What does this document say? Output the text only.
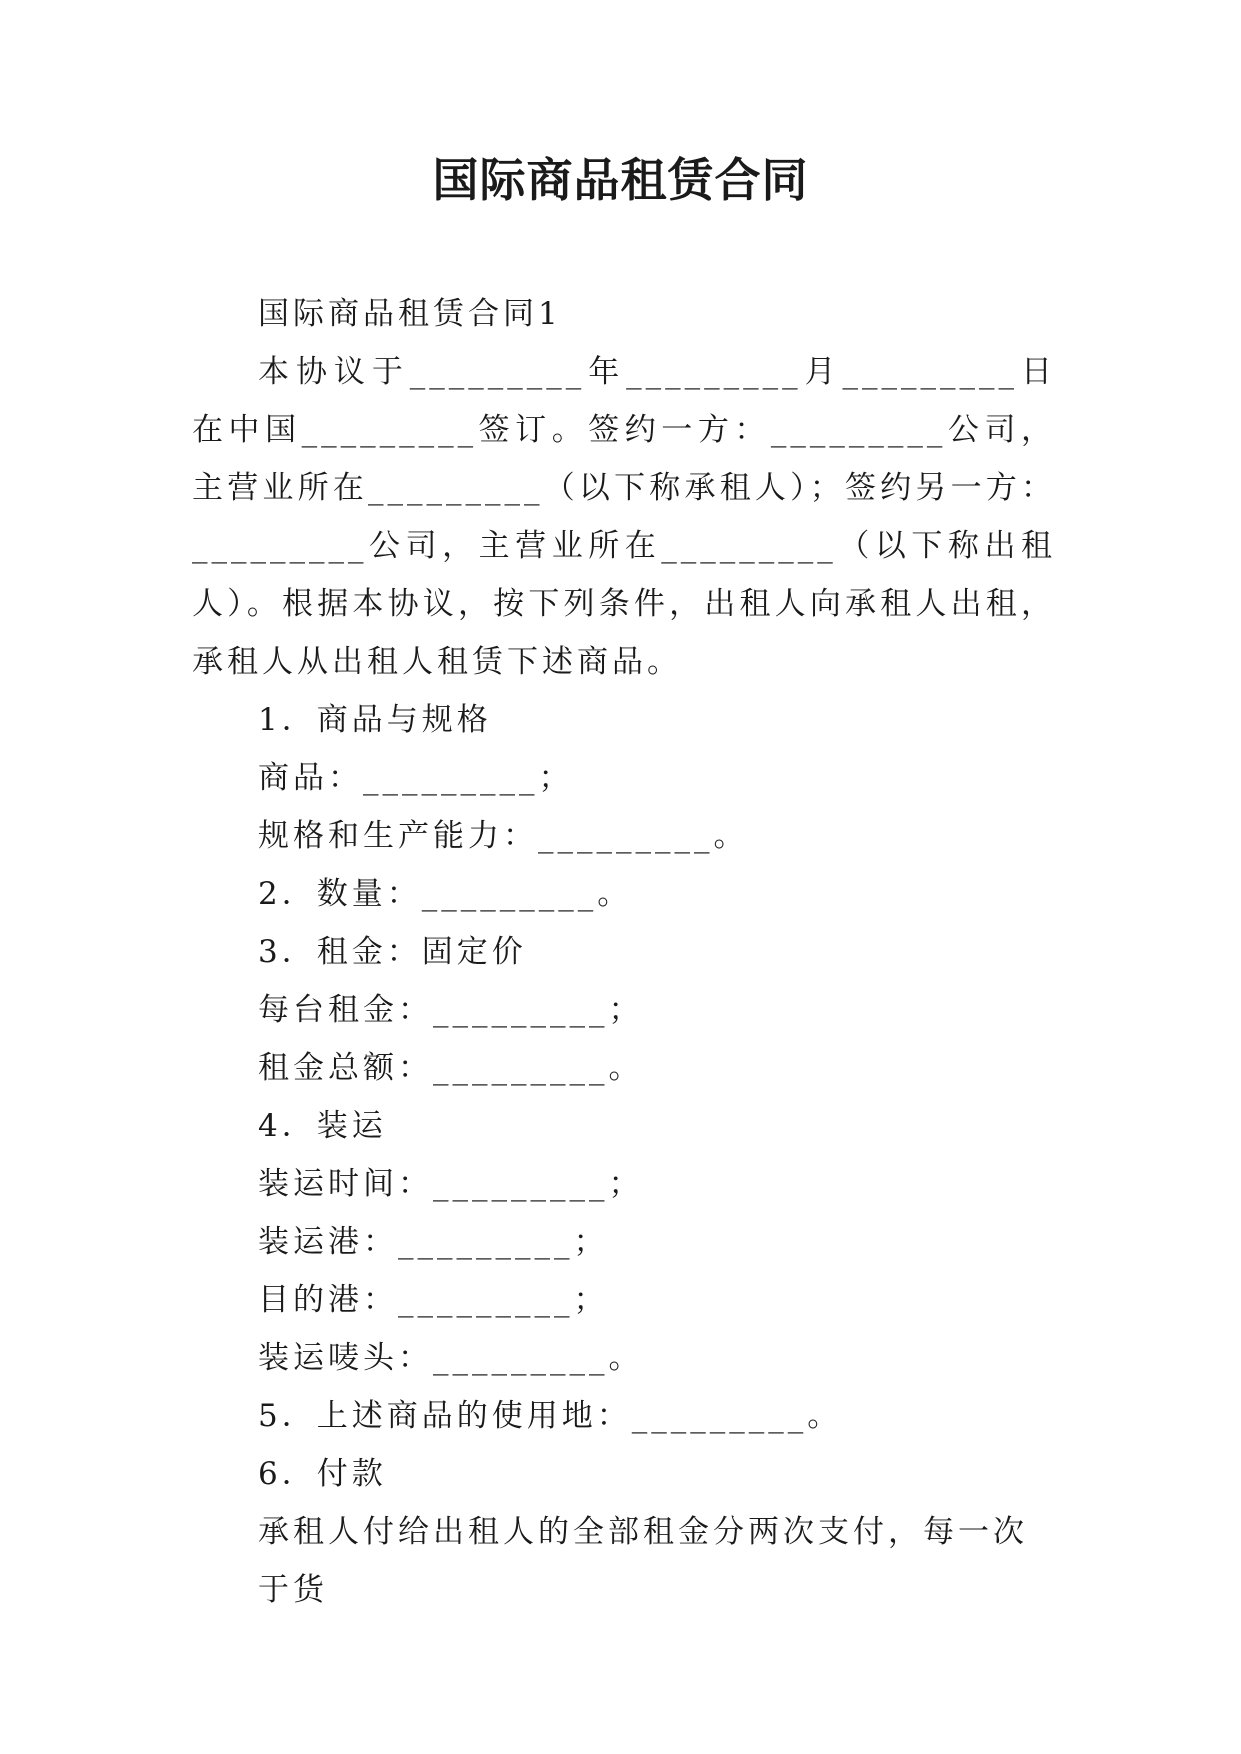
国际商品租赁合同

国际商品租赁合同1

本协议于_________年_________月_________日在中国_________签订。签约一方：_________公司，主营业所在_________（以下称承租人）；签约另一方：_________公司，主营业所在_________（以下称出租人）。根据本协议，按下列条件，出租人向承租人出租，承租人从出租人租赁下述商品。

1．商品与规格

商品：_________；

规格和生产能力：_________。

2．数量：_________。

3．租金：固定价

每台租金：_________；

租金总额：_________。

4．装运

装运时间：_________；

装运港：_________；

目的港：_________；

装运唛头：_________。

5．上述商品的使用地：_________。

6．付款

承租人付给出租人的全部租金分两次支付，每一次于货
